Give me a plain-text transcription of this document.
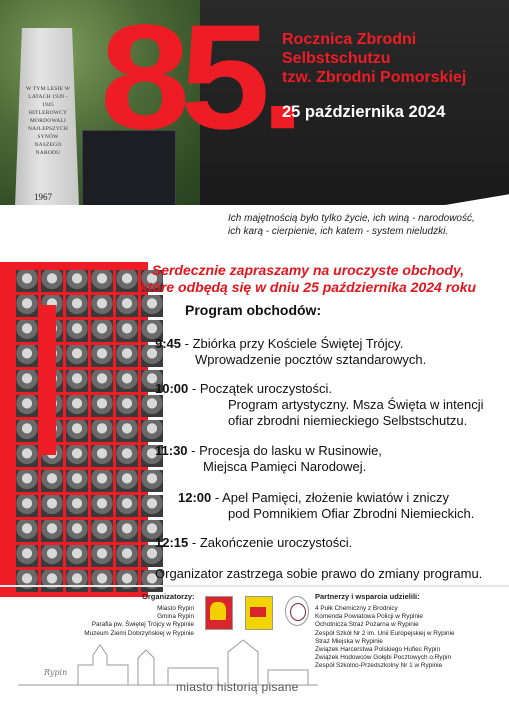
W TYM LESIE W LATACH 1939 - 1945 HITLEROWCY MORDOWALI NAJLEPSZYCH SYNÓW NASZEGO NARODU
1967
85.
Rocznica Zbrodni
Selbstschutzu
tzw. Zbrodni Pomorskiej
25 października 2024
Ich majętnością było tylko życie, ich winą - narodowość,
ich karą - cierpienie, ich katem - system nieludzki.
Serdecznie zapraszamy na uroczyste obchody,
które odbędą się w dniu 25 października 2024 roku
Program obchodów:
9:45 - Zbiórka przy Kościele Świętej Trójcy.
Wprowadzenie pocztów sztandarowych.
10:00 - Początek uroczystości.
Program artystyczny. Msza Święta w intencji
ofiar zbrodni niemieckiego Selbstschutzu.
11:30 - Procesja do lasku w Rusinowie,
Miejsca Pamięci Narodowej.
12:00 - Apel Pamięci, złożenie kwiatów i zniczy
pod Pomnikiem Ofiar Zbrodni Niemieckich.
12:15 - Zakończenie uroczystości.
Organizator zastrzega sobie prawo do zmiany programu.
Organizatorzy:
Miasto Rypin
Gmina Rypin
Parafia pw. Świętej Trójcy w Rypinie
Muzeum Ziemi Dobrzyńskiej w Rypinie
Partnerzy i wsparcia udzielili:
4 Pułk Chemiczny z Brodnicy
Komenda Powiatowa Policji w Rypinie
Ochotnicza Straż Pożarna w Rypinie
Zespół Szkół Nr 2 im. Unii Europejskiej w Rypinie
Straż Miejska w Rypinie
Związek Harcerstwa Polskiego Hufiec Rypin
Związek Hodowców Gołębi Pocztowych o.Rypin
Zespół Szkolno-Przedszkolny Nr 1 w Rypinie
Rypin
miasto historią pisane
